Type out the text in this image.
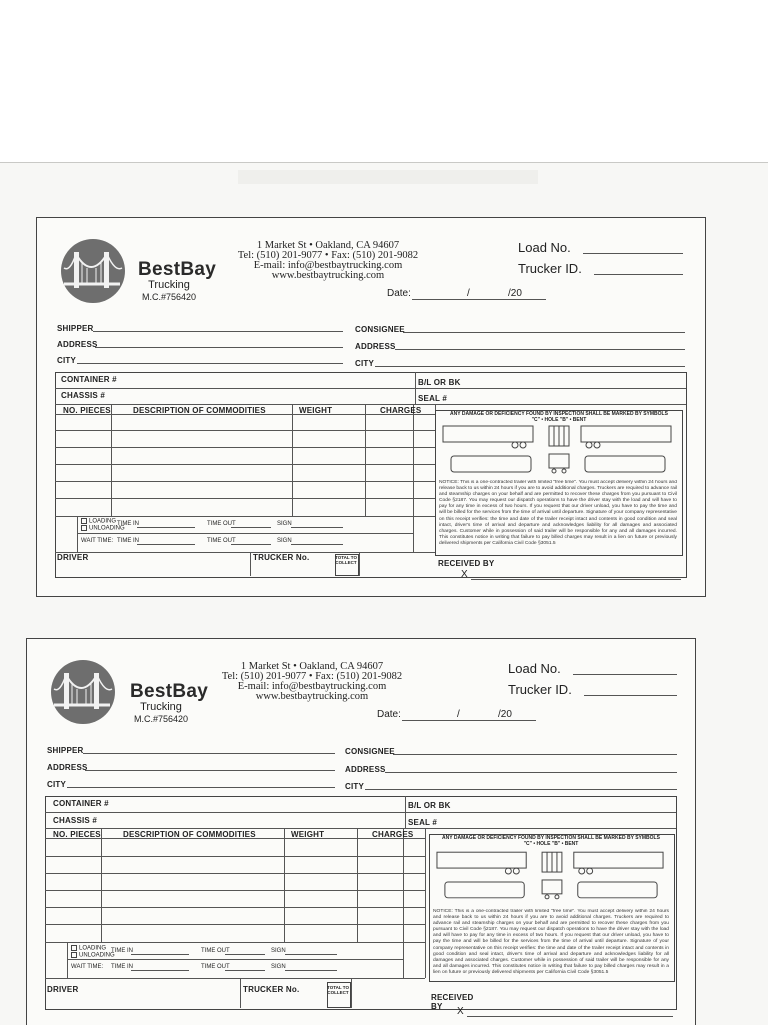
BestBay
Trucking
M.C.#756420
1 Market St • Oakland, CA 94607
Tel: (510) 201-9077 • Fax: (510) 201-9082
E-mail: info@bestbaytrucking.com
www.bestbaytrucking.com
Load No.
Trucker ID.
Date:	/	/20
SHIPPER	CONSIGNEE
ADDRESS	ADDRESS
CITY	CITY
CONTAINER #	B/L OR BK
CHASSIS #	SEAL #
NO. PIECES	DESCRIPTION OF COMMODITIES	WEIGHT	CHARGES
LOADING
UNLOADING
TIME IN	TIME OUT	SIGN
WAIT TIME: TIME IN	TIME OUT	SIGN
DRIVER	TRUCKER No.	TOTAL TO COLLECT
ANY DAMAGE OR DEFICIENCY FOUND BY INSPECTION SHALL BE MARKED BY SYMBOLS "C" • HOLE "B" • BENT
NOTICE: This is a one-contracted trailer with limited "free time". You must accept delivery within 24 hours and release back to us within 24 hours if you are to avoid additional charges. Truckers are required to advance rail and steamship charges on your behalf and are permitted to recover these charges from you pursuant to Civil Code §2187. You may request our dispatch operations to have the driver stay with the load and will have to pay for any time in excess of two hours. If you request that our driver unload, you have to pay the time and will be billed for the services from the time of arrival until departure. Signature of your company representative on this receipt verifies: the time and date of the trailer receipt intact and contents in good condition and seal intact, driver's time of arrival and departure and acknowledges liability for all damages and associated charges. Customer while in possession of said trailer will be responsible for any and all damages incurred. This constitutes notice in writing that failure to pay billed charges may result in a lien on future or previously delivered shipments per California Civil Code §3051.5
RECEIVED BY
X
BestBay
Trucking
M.C.#756420
1 Market St • Oakland, CA 94607
Tel: (510) 201-9077 • Fax: (510) 201-9082
E-mail: info@bestbaytrucking.com
www.bestbaytrucking.com
Load No.
Trucker ID.
Date:	/	/20
SHIPPER	CONSIGNEE
ADDRESS	ADDRESS
CITY	CITY
CONTAINER #	B/L OR BK
CHASSIS #	SEAL #
NO. PIECES	DESCRIPTION OF COMMODITIES	WEIGHT	CHARGES
LOADING
UNLOADING
TIME IN	TIME OUT	SIGN
WAIT TIME: TIME IN	TIME OUT	SIGN
DRIVER	TRUCKER No.	TOTAL TO COLLECT
ANY DAMAGE OR DEFICIENCY FOUND BY INSPECTION SHALL BE MARKED BY SYMBOLS "C" • HOLE "B" • BENT
NOTICE: This is a one-contracted trailer with limited "free time". You must accept delivery within 24 hours and release back to us within 24 hours if you are to avoid additional charges. Truckers are required to advance rail and steamship charges on your behalf and are permitted to recover these charges from you pursuant to Civil Code §2187. You may request our dispatch operations to have the driver stay with the load and will have to pay for any time in excess of two hours. If you request that our driver unload, you have to pay the time and will be billed for the services from the time of arrival until departure. Signature of your company representative on this receipt verifies: the time and date of the trailer receipt intact and contents in good condition and seal intact, driver's time of arrival and departure and acknowledges liability for all damages and associated charges. Customer while in possession of said trailer will be responsible for any and all damages incurred. This constitutes notice in writing that failure to pay billed charges may result in a lien on future or previously delivered shipments per California Civil Code §3051.5
RECEIVED BY	X
